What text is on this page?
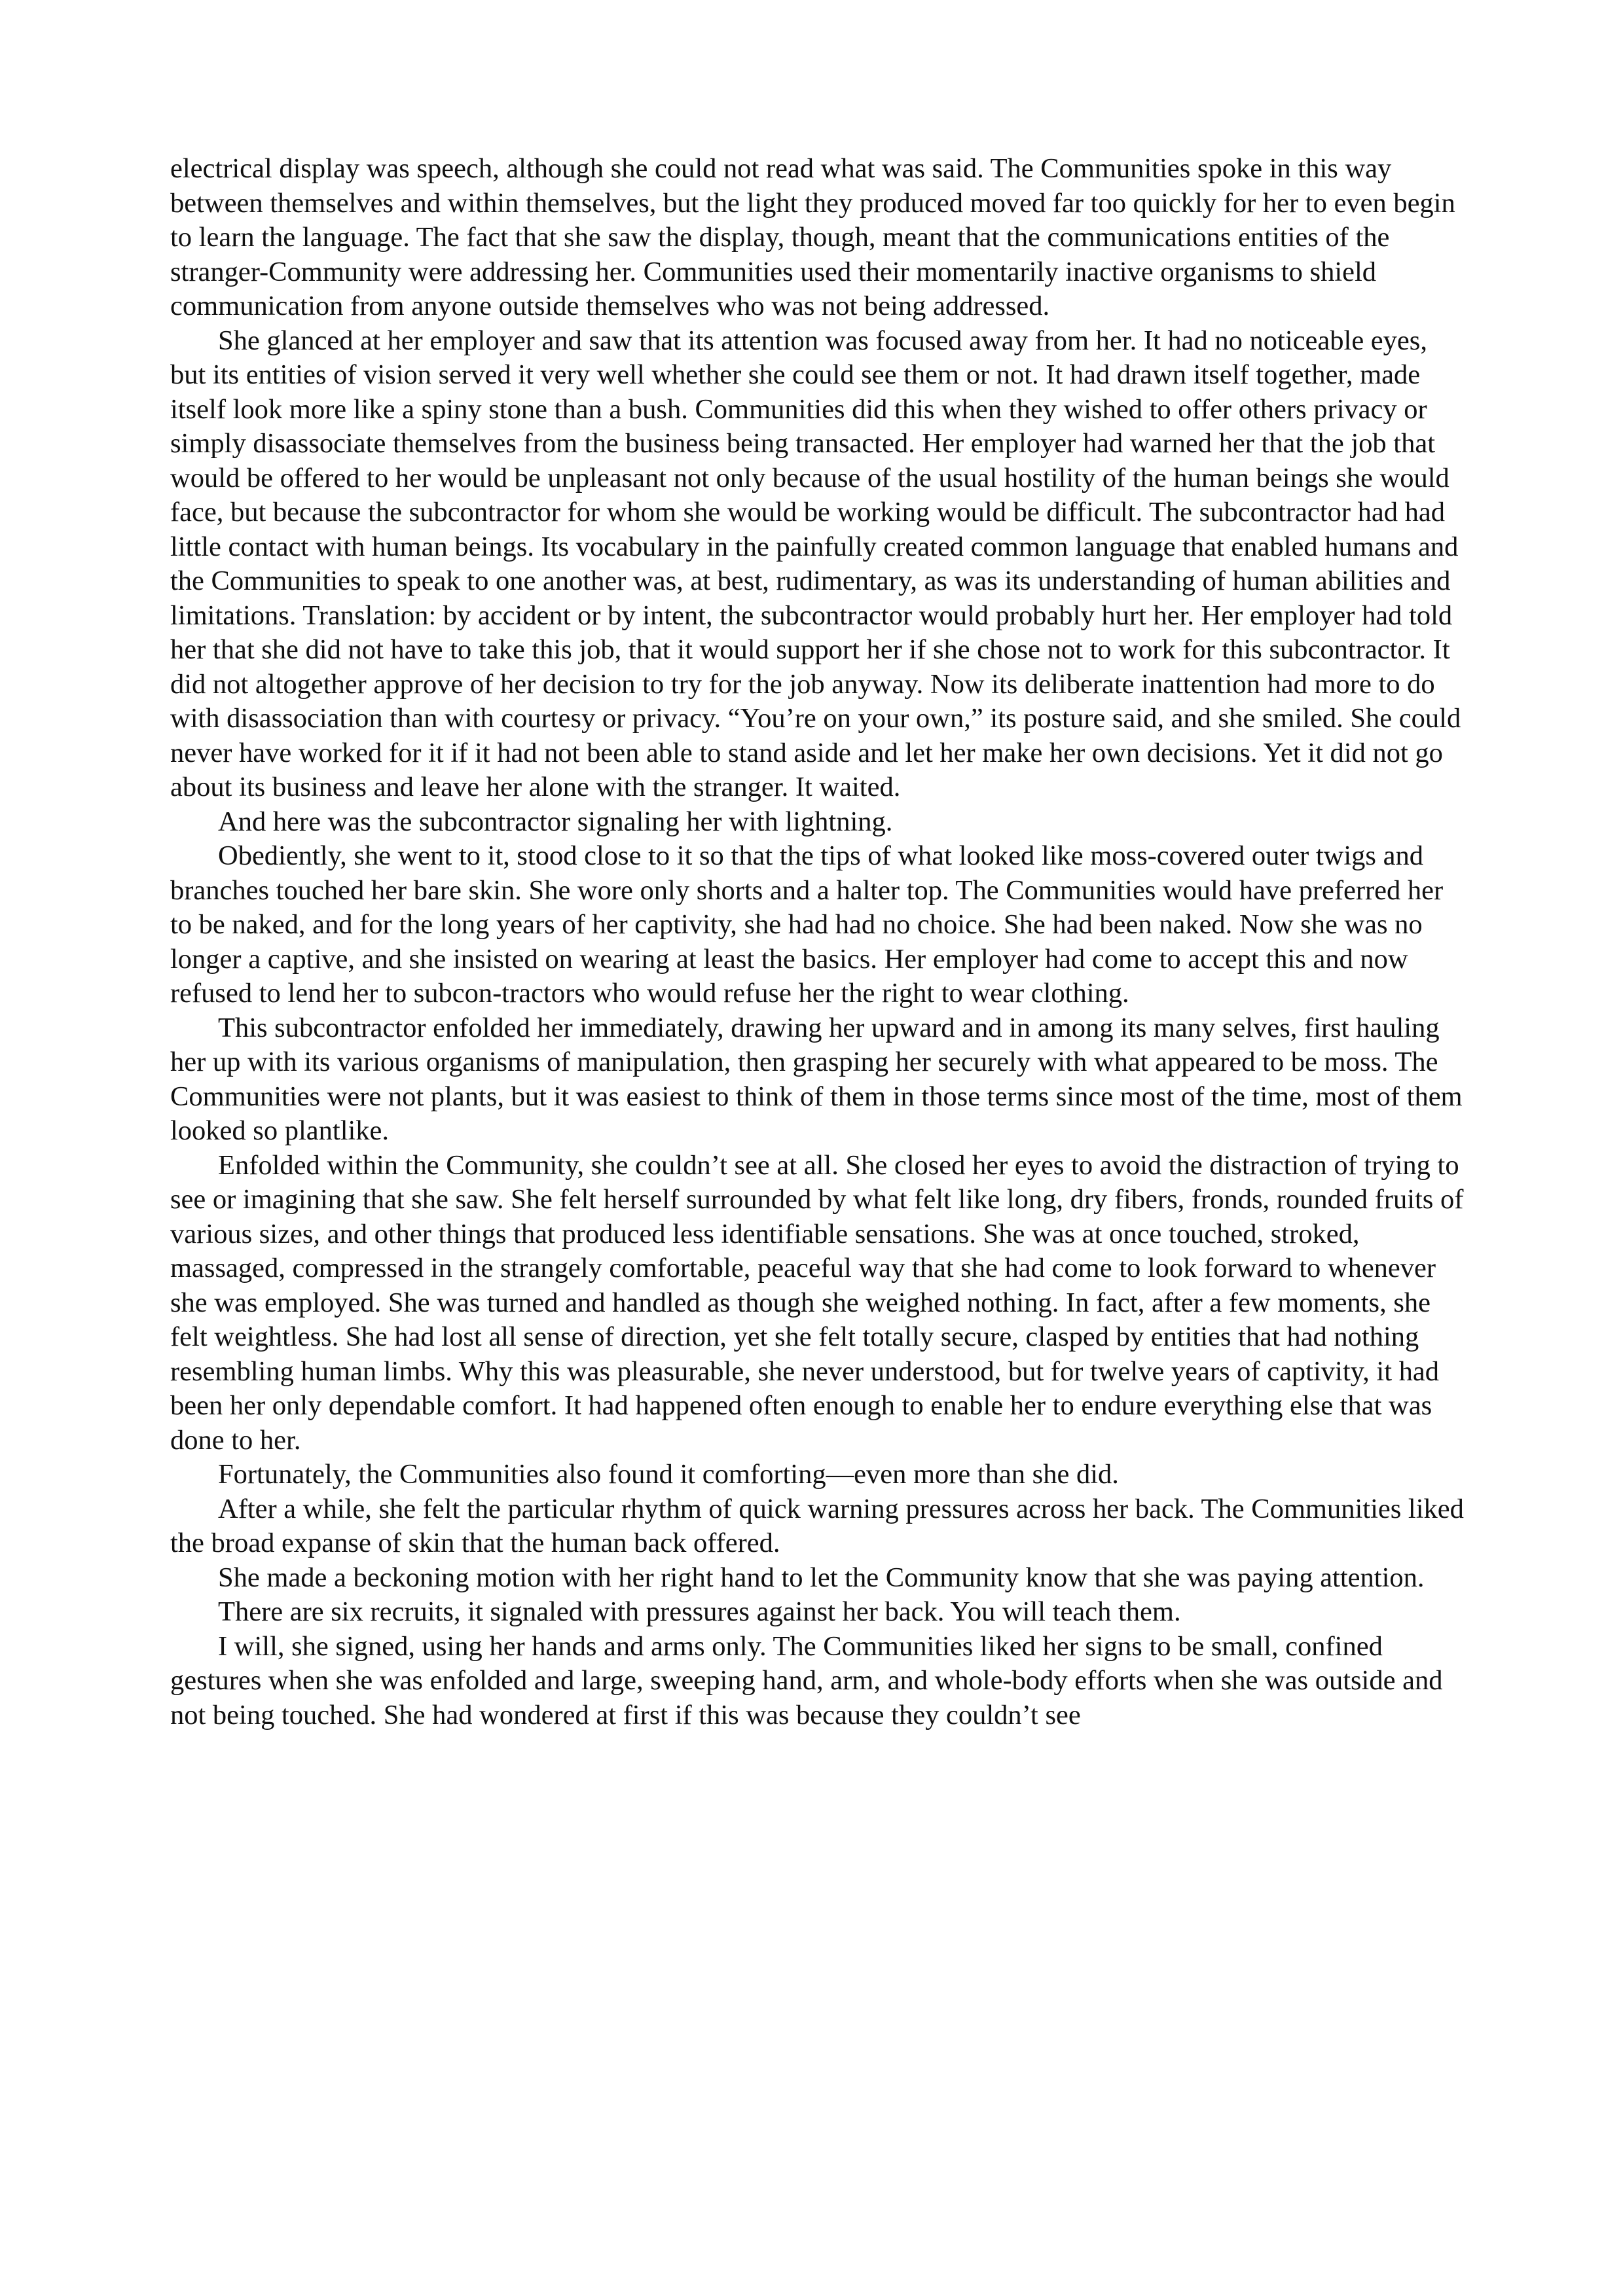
electrical display was speech, although she could not read what was said. The Communities spoke in this way between themselves and within themselves, but the light they produced moved far too quickly for her to even begin to learn the language. The fact that she saw the display, though, meant that the communications entities of the stranger-Community were addressing her. Communities used their momentarily inactive organisms to shield communication from anyone outside themselves who was not being addressed.

She glanced at her employer and saw that its attention was focused away from her. It had no noticeable eyes, but its entities of vision served it very well whether she could see them or not. It had drawn itself together, made itself look more like a spiny stone than a bush. Communities did this when they wished to offer others privacy or simply disassociate themselves from the business being transacted. Her employer had warned her that the job that would be offered to her would be unpleasant not only because of the usual hostility of the human beings she would face, but because the subcontractor for whom she would be working would be difficult. The subcontractor had had little contact with human beings. Its vocabulary in the painfully created common language that enabled humans and the Communities to speak to one another was, at best, rudimentary, as was its understanding of human abilities and limitations. Translation: by accident or by intent, the subcontractor would probably hurt her. Her employer had told her that she did not have to take this job, that it would support her if she chose not to work for this subcontractor. It did not altogether approve of her decision to try for the job anyway. Now its deliberate inattention had more to do with disassociation than with courtesy or privacy. “You’re on your own,” its posture said, and she smiled. She could never have worked for it if it had not been able to stand aside and let her make her own decisions. Yet it did not go about its business and leave her alone with the stranger. It waited.

And here was the subcontractor signaling her with lightning.

Obediently, she went to it, stood close to it so that the tips of what looked like moss-covered outer twigs and branches touched her bare skin. She wore only shorts and a halter top. The Communities would have preferred her to be naked, and for the long years of her captivity, she had had no choice. She had been naked. Now she was no longer a captive, and she insisted on wearing at least the basics. Her employer had come to accept this and now refused to lend her to subcon-tractors who would refuse her the right to wear clothing.

This subcontractor enfolded her immediately, drawing her upward and in among its many selves, first hauling her up with its various organisms of manipulation, then grasping her securely with what appeared to be moss. The Communities were not plants, but it was easiest to think of them in those terms since most of the time, most of them looked so plantlike.

Enfolded within the Community, she couldn’t see at all. She closed her eyes to avoid the distraction of trying to see or imagining that she saw. She felt herself surrounded by what felt like long, dry fibers, fronds, rounded fruits of various sizes, and other things that produced less identifiable sensations. She was at once touched, stroked, massaged, compressed in the strangely comfortable, peaceful way that she had come to look forward to whenever she was employed. She was turned and handled as though she weighed nothing. In fact, after a few moments, she felt weightless. She had lost all sense of direction, yet she felt totally secure, clasped by entities that had nothing resembling human limbs. Why this was pleasurable, she never understood, but for twelve years of captivity, it had been her only dependable comfort. It had happened often enough to enable her to endure everything else that was done to her.

Fortunately, the Communities also found it comforting—even more than she did.

After a while, she felt the particular rhythm of quick warning pressures across her back. The Communities liked the broad expanse of skin that the human back offered.

She made a beckoning motion with her right hand to let the Community know that she was paying attention.

There are six recruits, it signaled with pressures against her back. You will teach them.

I will, she signed, using her hands and arms only. The Communities liked her signs to be small, confined gestures when she was enfolded and large, sweeping hand, arm, and whole-body efforts when she was outside and not being touched. She had wondered at first if this was because they couldn’t see
